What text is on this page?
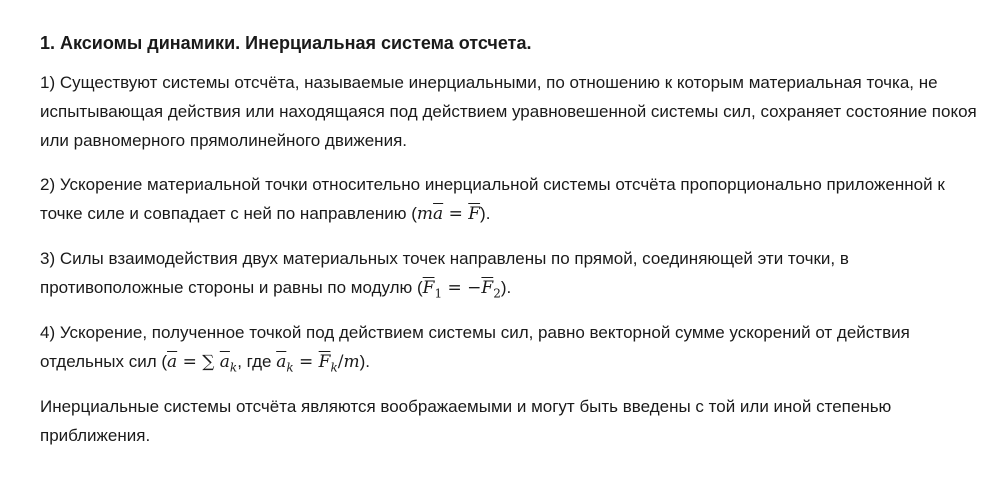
1. Аксиомы динамики. Инерциальная система отсчета.

1) Существуют системы отсчёта, называемые инерциальными, по отношению к которым материальная точка, не испытывающая действия или находящаяся под действием уравновешенной системы сил, сохраняет состояние покоя или равномерного прямолинейного движения.

2) Ускорение материальной точки относительно инерциальной системы отсчёта пропорционально приложенной к точке силе и совпадает с ней по направлению $(m\overline{a} = \overline{F})$.

3) Силы взаимодействия двух материальных точек направлены по прямой, соединяющей эти точки, в противоположные стороны и равны по модулю $(\overline{F}_1 = -\overline{F}_2)$.

4) Ускорение, полученное точкой под действием системы сил, равно векторной сумме ускорений от действия отдельных сил ($\overline{a}$ = ∑ $\overline{a}_k$, где $\overline{a}_k = \overline{F}_k/m$).

Инерциальные системы отсчёта являются воображаемыми и могут быть введены с той или иной степенью приближения.
